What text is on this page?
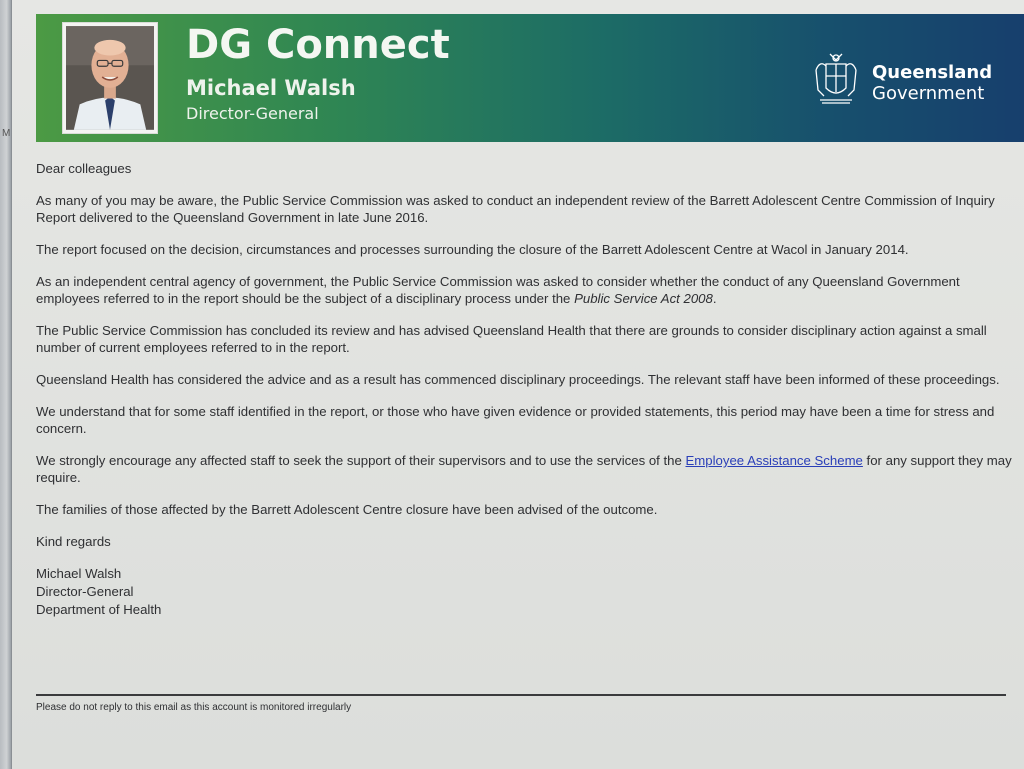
M
DG Connect
Michael Walsh
Director-General
Queensland
Government

Dear colleagues

As many of you may be aware, the Public Service Commission was asked to conduct an independent review of the Barrett Adolescent Centre Commission of Inquiry Report delivered to the Queensland Government in late June 2016.

The report focused on the decision, circumstances and processes surrounding the closure of the Barrett Adolescent Centre at Wacol in January 2014.

As an independent central agency of government, the Public Service Commission was asked to consider whether the conduct of any Queensland Government employees referred to in the report should be the subject of a disciplinary process under the Public Service Act 2008.

The Public Service Commission has concluded its review and has advised Queensland Health that there are grounds to consider disciplinary action against a small number of current employees referred to in the report.

Queensland Health has considered the advice and as a result has commenced disciplinary proceedings. The relevant staff have been informed of these proceedings.

We understand that for some staff identified in the report, or those who have given evidence or provided statements, this period may have been a time for stress and concern.

We strongly encourage any affected staff to seek the support of their supervisors and to use the services of the Employee Assistance Scheme for any support they may require.

The families of those affected by the Barrett Adolescent Centre closure have been advised of the outcome.

Kind regards

Michael Walsh
Director-General
Department of Health
Please do not reply to this email as this account is monitored irregularly
